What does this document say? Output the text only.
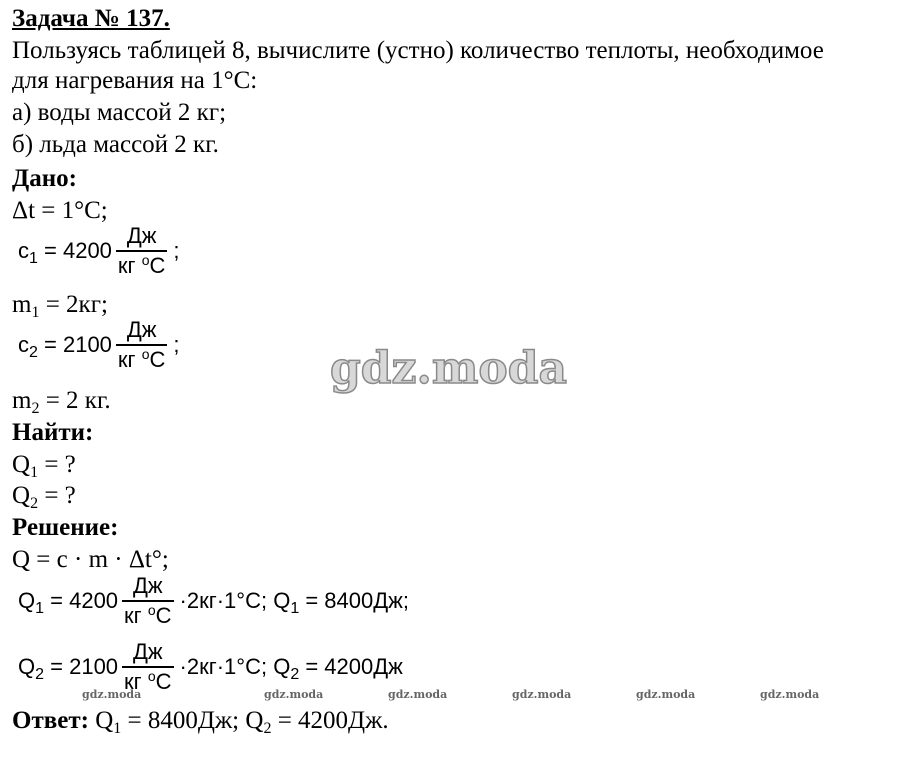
Задача № 137.
Пользуясь таблицей 8, вычислите (устно) количество теплоты, необходимое
для нагревания на 1°С:
а) воды массой 2 кг;
б) льда массой 2 кг.
Дано:
Δt = 1°С;
$c_1 = 4200 \frac{Дж}{кг ^оС}$ ;
$m_1 = 2кг$;
$c_2 = 2100 \frac{Дж}{кг ^оС}$ ;
$m_2 = 2$ кг.
Найти:
$Q_1$ = ?
$Q_2$ = ?
Решение:
Q = c · m · Δt°;
$Q_1 = 4200 \frac{Дж}{кг ^оС} \cdot 2кг\cdot 1^\circ С$; $Q_1 = 8400Дж$;
$Q_2 = 2100 \frac{Дж}{кг ^оС} \cdot 2кг\cdot 1^\circ С$; $Q_2 = 4200Дж$
Ответ: $Q_1 = 8400Дж$; $Q_2 = 4200Дж$.
gdz.moda
gdz.moda	gdz.moda	gdz.moda	gdz.moda	gdz.moda	gdz.moda
